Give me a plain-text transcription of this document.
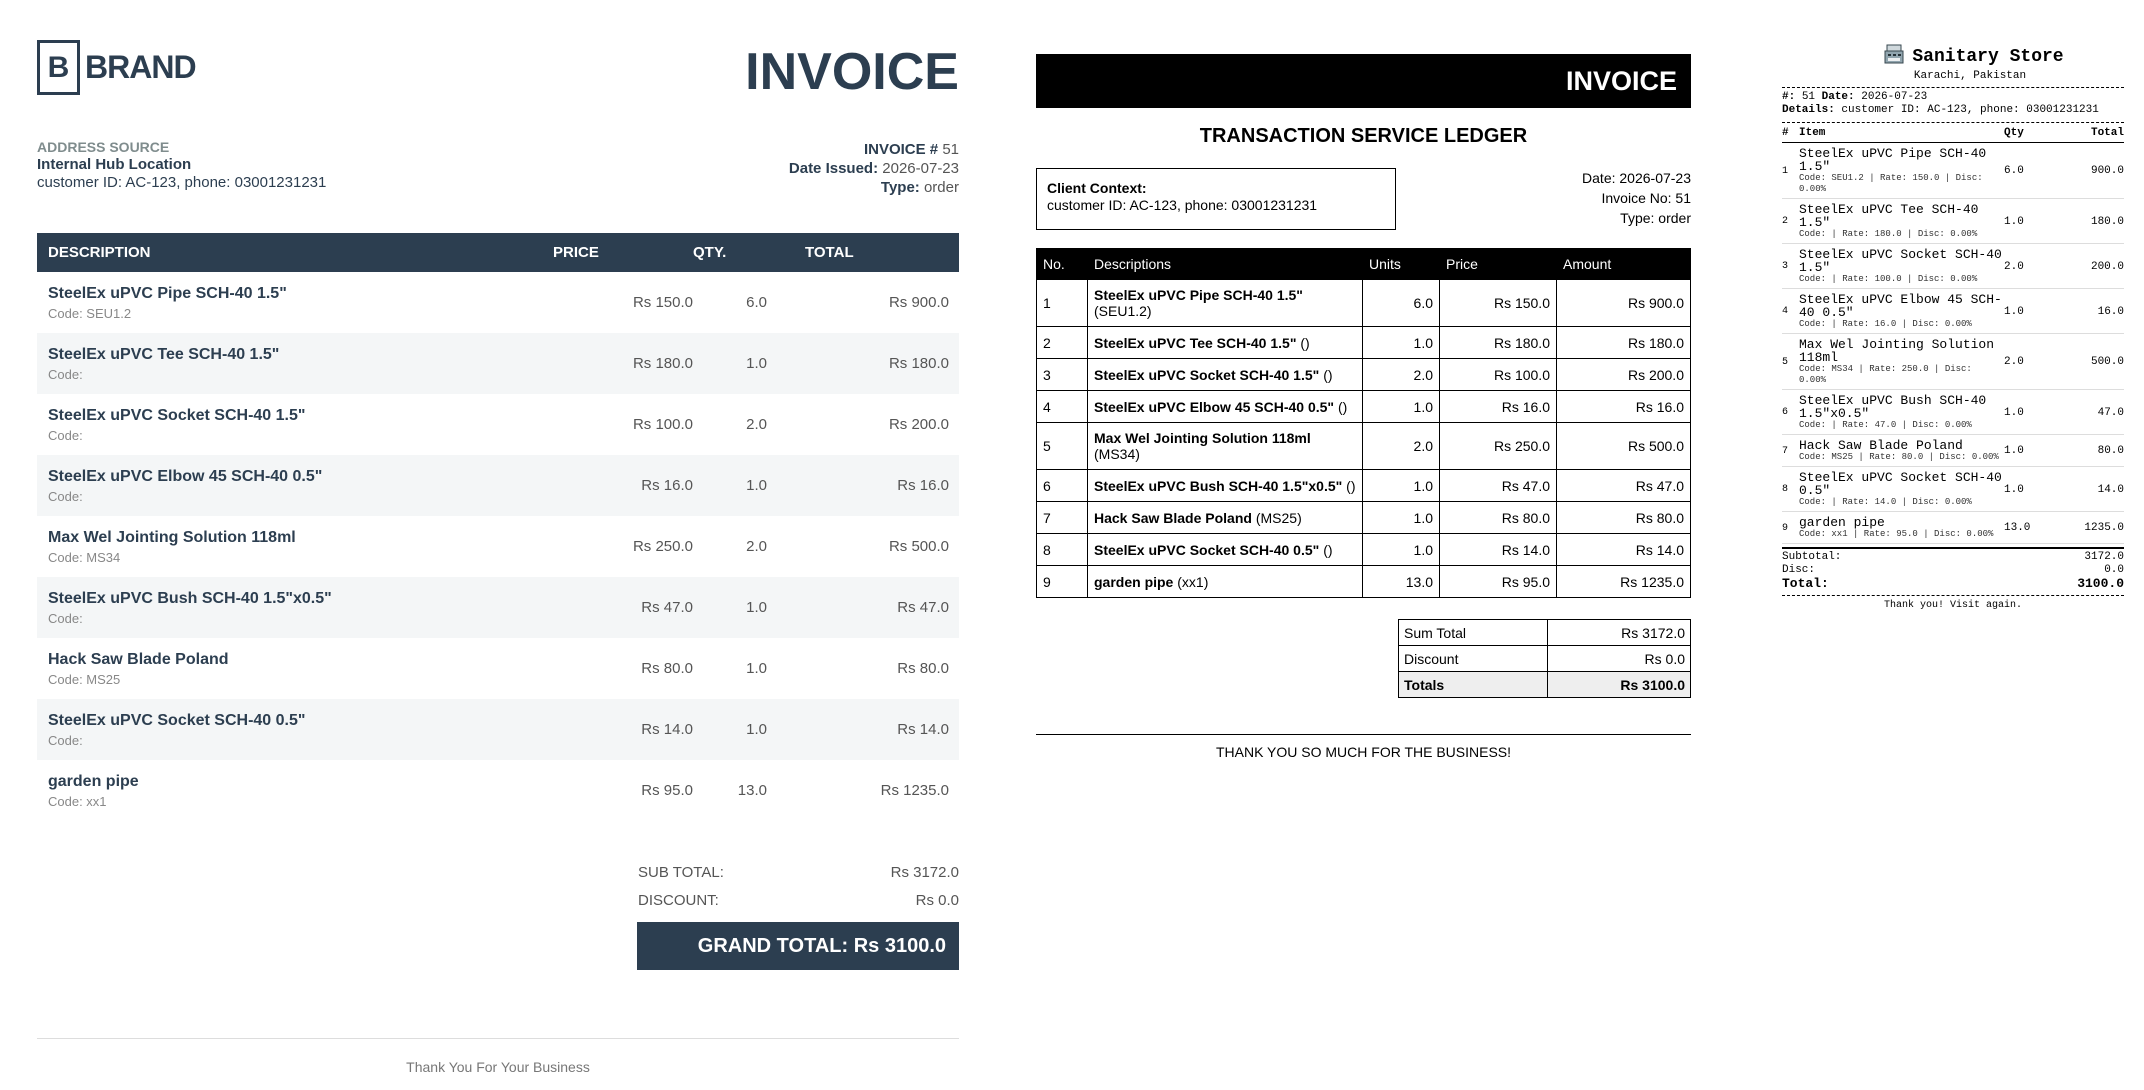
B BRAND	INVOICE
ADDRESS SOURCE
Internal Hub Location
customer ID: AC-123, phone: 03001231231
INVOICE # 51
Date Issued: 2026-07-23
Type: order
DESCRIPTION	PRICE	QTY.	TOTAL

SteelEx uPVC Pipe SCH-40 1.5"
Code: SEU1.2	Rs 150.0	6.0	Rs 900.0

SteelEx uPVC Tee SCH-40 1.5"
Code:	Rs 180.0	1.0	Rs 180.0

SteelEx uPVC Socket SCH-40 1.5"
Code:	Rs 100.0	2.0	Rs 200.0

SteelEx uPVC Elbow 45 SCH-40 0.5"
Code:	Rs 16.0	1.0	Rs 16.0

Max Wel Jointing Solution 118ml
Code: MS34	Rs 250.0	2.0	Rs 500.0

SteelEx uPVC Bush SCH-40 1.5"x0.5"
Code:	Rs 47.0	1.0	Rs 47.0

Hack Saw Blade Poland
Code: MS25	Rs 80.0	1.0	Rs 80.0

SteelEx uPVC Socket SCH-40 0.5"
Code:	Rs 14.0	1.0	Rs 14.0

garden pipe
Code: xx1	Rs 95.0	13.0	Rs 1235.0
SUB TOTAL:	Rs 3172.0
DISCOUNT:	Rs 0.0
GRAND TOTAL: Rs 3100.0
Thank You For Your Business
INVOICE
TRANSACTION SERVICE LEDGER
Client Context:
customer ID: AC-123, phone: 03001231231
Date: 2026-07-23
Invoice No: 51
Type: order
No.	Descriptions	Units	Price	Amount
1	SteelEx uPVC Pipe SCH-40 1.5"
(SEU1.2)	6.0	Rs 150.0	Rs 900.0
2	SteelEx uPVC Tee SCH-40 1.5" ()	1.0	Rs 180.0	Rs 180.0
3	SteelEx uPVC Socket SCH-40 1.5" ()	2.0	Rs 100.0	Rs 200.0
4	SteelEx uPVC Elbow 45 SCH-40 0.5" ()	1.0	Rs 16.0	Rs 16.0
5	Max Wel Jointing Solution 118ml
(MS34)	2.0	Rs 250.0	Rs 500.0
6	SteelEx uPVC Bush SCH-40 1.5"x0.5" ()	1.0	Rs 47.0	Rs 47.0
7	Hack Saw Blade Poland (MS25)	1.0	Rs 80.0	Rs 80.0
8	SteelEx uPVC Socket SCH-40 0.5" ()	1.0	Rs 14.0	Rs 14.0
9	garden pipe (xx1)	13.0	Rs 95.0	Rs 1235.0
Sum Total	Rs 3172.0
Discount	Rs 0.0
Totals	Rs 3100.0
THANK YOU SO MUCH FOR THE BUSINESS!
Sanitary Store
Karachi, Pakistan
#: 51 Date: 2026-07-23
Details: customer ID: AC-123, phone: 03001231231
#	Item	Qty	Total
1	SteelEx uPVC Pipe SCH-40 1.5"
Code: SEU1.2 | Rate: 150.0 | Disc: 0.00%	6.0	900.0
2	SteelEx uPVC Tee SCH-40 1.5"
Code: | Rate: 180.0 | Disc: 0.00%	1.0	180.0
3	SteelEx uPVC Socket SCH-40 1.5"
Code: | Rate: 100.0 | Disc: 0.00%	2.0	200.0
4	SteelEx uPVC Elbow 45 SCH-40 0.5"
Code: | Rate: 16.0 | Disc: 0.00%	1.0	16.0
5	Max Wel Jointing Solution 118ml
Code: MS34 | Rate: 250.0 | Disc: 0.00%	2.0	500.0
6	SteelEx uPVC Bush SCH-40 1.5"x0.5"
Code: | Rate: 47.0 | Disc: 0.00%	1.0	47.0
7	Hack Saw Blade Poland
Code: MS25 | Rate: 80.0 | Disc: 0.00%	1.0	80.0
8	SteelEx uPVC Socket SCH-40 0.5"
Code: | Rate: 14.0 | Disc: 0.00%	1.0	14.0
9	garden pipe
Code: xx1 | Rate: 95.0 | Disc: 0.00%	13.0	1235.0
Subtotal:	3172.0
Disc:	0.0
Total:	3100.0
Thank you! Visit again.
